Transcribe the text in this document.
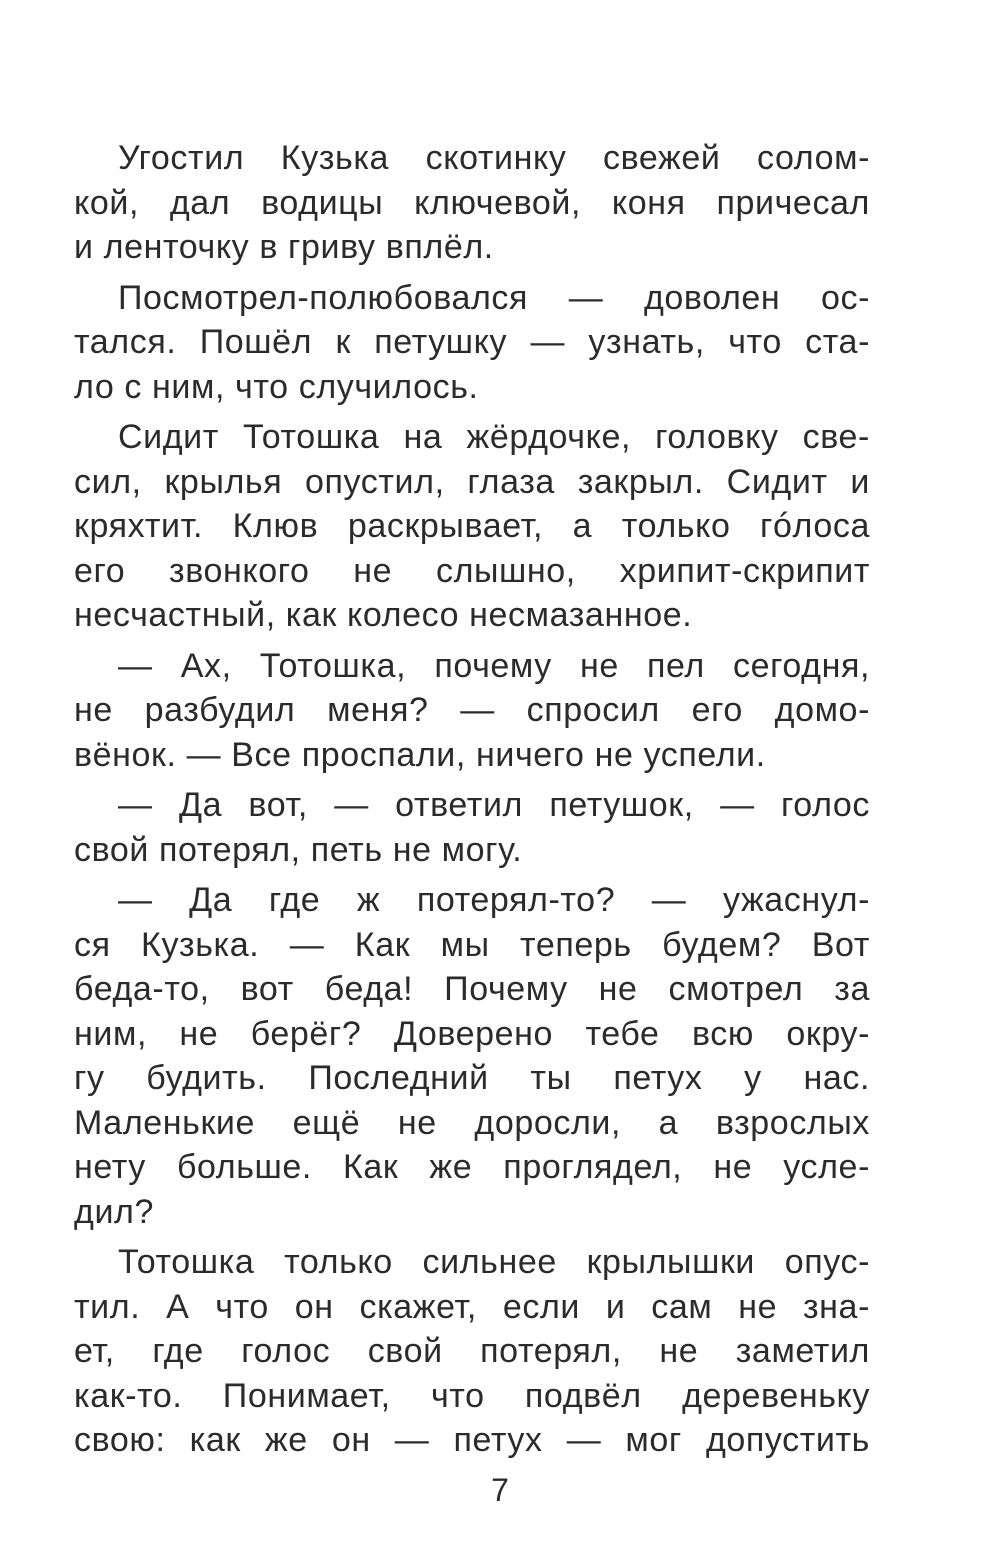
Угостил Кузька скотинку свежей солом-
кой, дал водицы ключевой, коня причесал
и ленточку в гриву вплёл.

Посмотрел-полюбовался — доволен ос-
тался. Пошёл к петушку — узнать, что ста-
ло с ним, что случилось.

Сидит Тотошка на жёрдочке, головку све-
сил, крылья опустил, глаза закрыл. Сидит и
кряхтит. Клюв раскрывает, а только гóлоса
его звонкого не слышно, хрипит-скрипит
несчастный, как колесо несмазанное.

— Ах, Тотошка, почему не пел сегодня,
не разбудил меня? — спросил его домо-
вёнок. — Все проспали, ничего не успели.

— Да вот, — ответил петушок, — голос
свой потерял, петь не могу.

— Да где ж потерял-то? — ужаснул-
ся Кузька. — Как мы теперь будем? Вот
беда-то, вот беда! Почему не смотрел за
ним, не берёг? Доверено тебе всю окру-
гу будить. Последний ты петух у нас.
Маленькие ещё не доросли, а взрослых
нету больше. Как же проглядел, не усле-
дил?

Тотошка только сильнее крылышки опус-
тил. А что он скажет, если и сам не зна-
ет, где голос свой потерял, не заметил
как-то. Понимает, что подвёл деревеньку
свою: как же он — петух — мог допустить

7
